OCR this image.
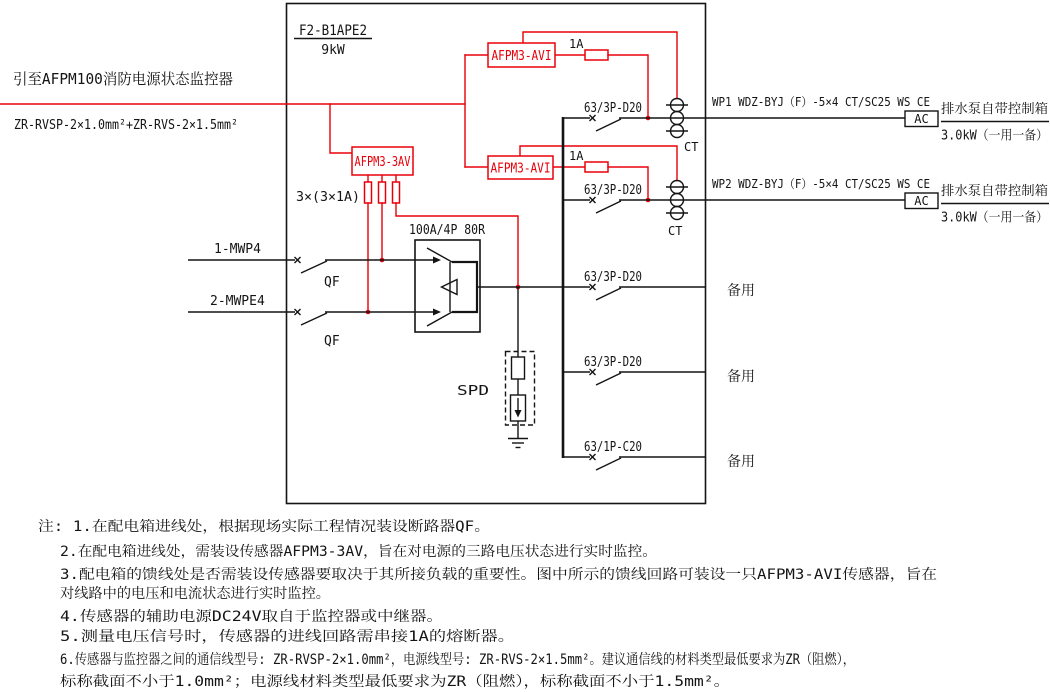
F2-B1APE2
9kW
引至AFPM100消防电源状态监控器
ZR-RVSP-2×1.0mm²+ZR-RVS-2×1.5mm²
AFPM3-3AV
AFPM3-AVI
AFPM3-AVI
3×(3×1A)
1A
1A
1-MWP4
QF
2-MWPE4
QF
100A/4P 80R
SPD
63/3P-D20
CT
WP1 WDZ-BYJ（F）-5×4 CT/SC25 WS CE
AC
排水泵自带控制箱
3.0kW（一用一备）
63/3P-D20
CT
WP2 WDZ-BYJ（F）-5×4 CT/SC25 WS CE
AC
排水泵自带控制箱
3.0kW（一用一备）
63/3P-D20
备用
63/3P-D20
备用
63/1P-C20
备用
注: 1.在配电箱进线处，根据现场实际工程情况装设断路器QF。
2.在配电箱进线处，需装设传感器AFPM3-3AV，旨在对电源的三路电压状态进行实时监控。
3.配电箱的馈线处是否需装设传感器要取决于其所接负载的重要性。图中所示的馈线回路可装设一只AFPM3-AVI传感器，旨在
对线路中的电压和电流状态进行实时监控。
4.传感器的辅助电源DC24V取自于监控器或中继器。
5.测量电压信号时，传感器的进线回路需串接1A的熔断器。
6.传感器与监控器之间的通信线型号: ZR-RVSP-2×1.0mm²，电源线型号: ZR-RVS-2×1.5mm²。建议通信线的材料类型最低要求为ZR（阻燃），
标称截面不小于1.0mm²；电源线材料类型最低要求为ZR（阻燃），标称截面不小于1.5mm²。
